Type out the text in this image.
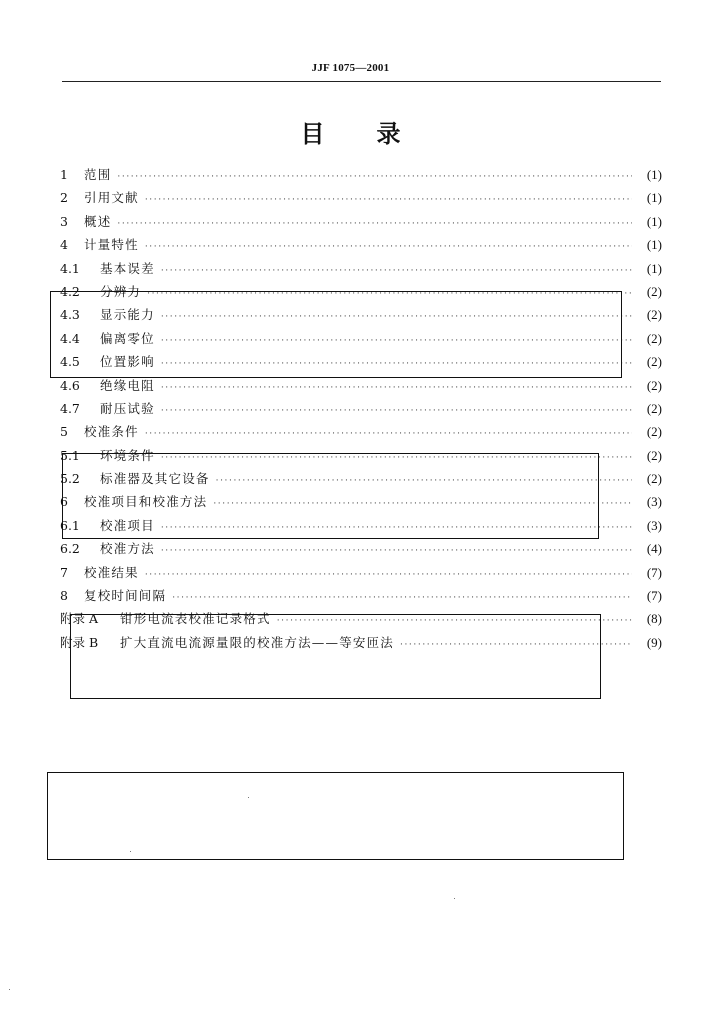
JJF 1075—2001
目录
1	范围 ·····	(1)
2	引用文献 ·····	(1)
3	概述 ·····	(1)
4	计量特性 ·····	(1)
4.1	基本误差 ·····	(1)
4.2	分辨力 ·····	(2)
4.3	显示能力 ·····	(2)
4.4	偏离零位 ·····	(2)
4.5	位置影响 ·····	(2)
4.6	绝缘电阻 ·····	(2)
4.7	耐压试验 ·····	(2)
5	校准条件 ·····	(2)
5.1	环境条件 ·····	(2)
5.2	标准器及其它设备 ·····	(2)
6	校准项目和校准方法 ·····	(3)
6.1	校准项目 ·····	(3)
6.2	校准方法 ·····	(4)
7	校准结果 ·····	(7)
8	复校时间间隔 ·····	(7)
附录 A	钳形电流表校准记录格式 ·····	(8)
附录 B	扩大直流电流源量限的校准方法——等安匝法 ·····	(9)
